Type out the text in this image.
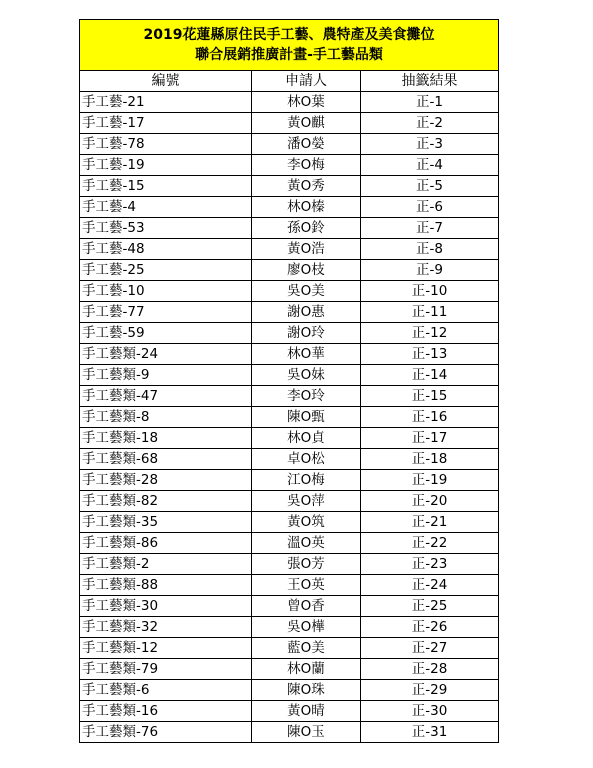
2019花蓮縣原住民手工藝、農特產及美食攤位
聯合展銷推廣計畫-手工藝品類		

編號	申請人	抽籤結果
手工藝-21	林O葉	正-1
手工藝-17	黃O麒	正-2
手工藝-78	潘O嫈	正-3
手工藝-19	李O梅	正-4
手工藝-15	黃O秀	正-5
手工藝-4	林O榛	正-6
手工藝-53	孫O鈴	正-7
手工藝-48	黃O浩	正-8
手工藝-25	廖O枝	正-9
手工藝-10	吳O美	正-10
手工藝-77	謝O惠	正-11
手工藝-59	謝O玲	正-12
手工藝類-24	林O華	正-13
手工藝類-9	吳O妹	正-14
手工藝類-47	李O玲	正-15
手工藝類-8	陳O甄	正-16
手工藝類-18	林O貞	正-17
手工藝類-68	卓O松	正-18
手工藝類-28	江O梅	正-19
手工藝類-82	吳O萍	正-20
手工藝類-35	黃O筑	正-21
手工藝類-86	溫O英	正-22
手工藝類-2	張O芳	正-23
手工藝類-88	王O英	正-24
手工藝類-30	曾O香	正-25
手工藝類-32	吳O樺	正-26
手工藝類-12	藍O美	正-27
手工藝類-79	林O蘭	正-28
手工藝類-6	陳O珠	正-29
手工藝類-16	黃O晴	正-30
手工藝類-76	陳O玉	正-31
